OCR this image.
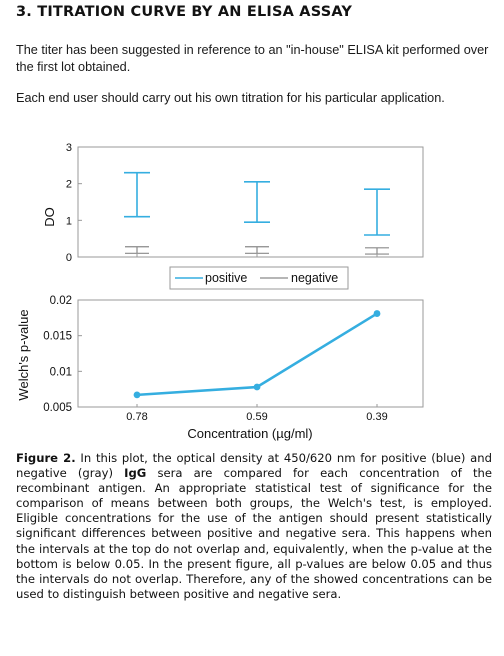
3. TITRATION CURVE BY AN ELISA ASSAY
The titer has been suggested in reference to an "in-house" ELISA kit performed over the first lot obtained.
Each end user should carry out his own titration for his particular application.
DO
0
1
2
3
positive	negative
Welch's p-value
Concentration (µg/ml)
0.005
0.01
0.015
0.02
0.78	0.59	0.39
Figure 2. In this plot, the optical density at 450/620 nm for positive (blue) and negative (gray) IgG sera are compared for each concentration of the recombinant antigen. An appropriate statistical test of significance for the comparison of means between both groups, the Welch's test, is employed. Eligible concentrations for the use of the antigen should present statistically significant differences between positive and negative sera. This happens when the intervals at the top do not overlap and, equivalently, when the p-value at the bottom is below 0.05. In the present figure, all p-values are below 0.05 and thus the intervals do not overlap. Therefore, any of the showed concentrations can be used to distinguish between positive and negative sera.
